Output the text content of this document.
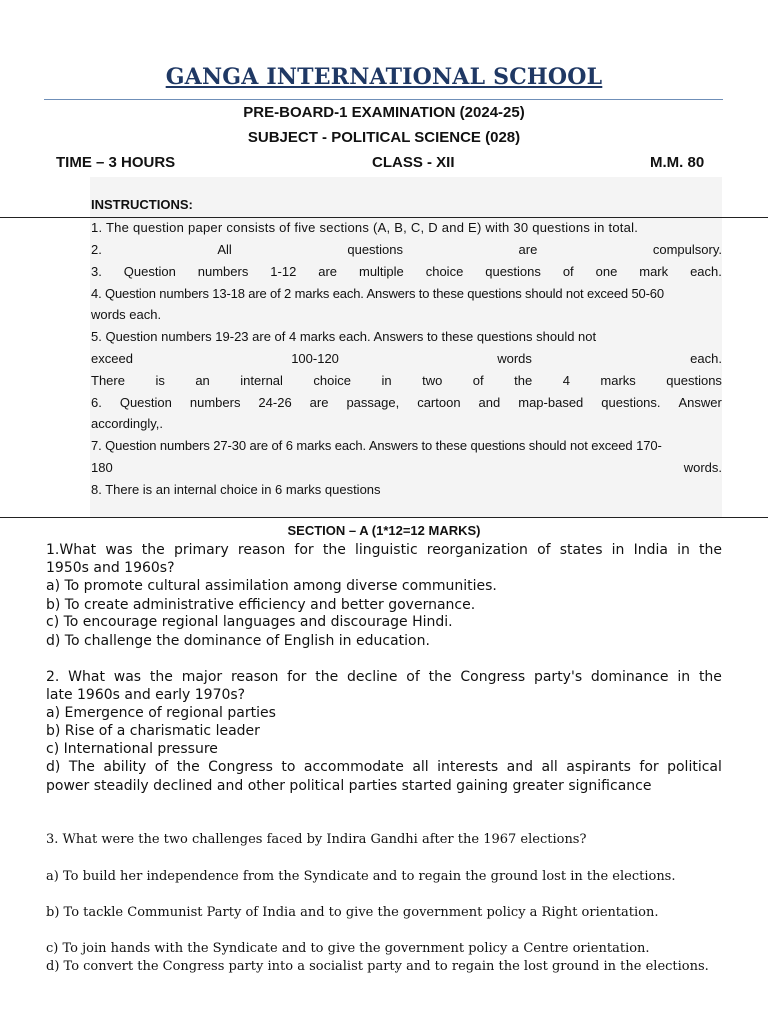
GANGA INTERNATIONAL SCHOOL
PRE-BOARD-1 EXAMINATION (2024-25)
SUBJECT - POLITICAL SCIENCE (028)
TIME – 3 HOURS	CLASS - XII	M.M. 80
INSTRUCTIONS:
1. The question paper consists of five sections (A, B, C, D and E) with 30 questions in total.
2.	All	questions	are	compulsory.
3. Question numbers 1-12 are multiple choice questions of one mark each.
4. Question numbers 13-18 are of 2 marks each. Answers to these questions should not exceed 50-60
words each.
5. Question numbers 19-23 are of 4 marks each. Answers to these questions should not
exceed	100-120	words	each.
There is an internal choice in two of the 4 marks questions
6. Question numbers 24-26 are passage, cartoon and map-based questions. Answer
accordingly,.
7. Question numbers 27-30 are of 6 marks each. Answers to these questions should not exceed 170-
180	words.
8. There is an internal choice in 6 marks questions
SECTION – A (1*12=12 MARKS)
1.What was the primary reason for the linguistic reorganization of states in India in the
1950s and 1960s?
a) To promote cultural assimilation among diverse communities.
b) To create administrative efficiency and better governance.
c) To encourage regional languages and discourage Hindi.
d) To challenge the dominance of English in education.
2. What was the major reason for the decline of the Congress party's dominance in the
late 1960s and early 1970s?
a) Emergence of regional parties
b) Rise of a charismatic leader
c) International pressure
d) The ability of the Congress to accommodate all interests and all aspirants for political
power steadily declined and other political parties started gaining greater significance
3. What were the two challenges faced by Indira Gandhi after the 1967 elections?
a) To build her independence from the Syndicate and to regain the ground lost in the elections.
b) To tackle Communist Party of India and to give the government policy a Right orientation.
c) To join hands with the Syndicate and to give the government policy a Centre orientation.
d) To convert the Congress party into a socialist party and to regain the lost ground in the elections.
